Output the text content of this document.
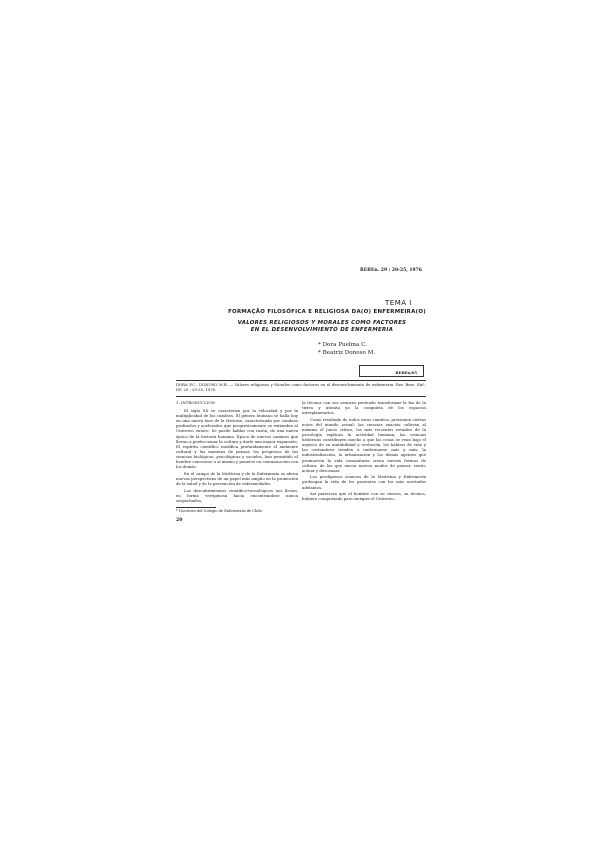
REBEn. 29 : 20-25, 1976
TEMA I
FORMAÇÃO FILOSÓFICA E RELIGIOSA DA(O) ENFERMEIRA(O)
VALORES RELIGIOSOS Y MORALES COMO FACTORES
EN EL DESENVOLVIMIENTO DE ENFERMERIA
* Dora Puelma C.
* Beatriz Donoso M.
REBEn/05
DORA P.C., DONOSO M.B. — Valores religiosos y Morales como factores en el desenvolvimento de enfermeria. Rev. Bras. Enf.; DF, 29 : 20-25, 1976.

1. INTRODUCCION

El siglo XX se caracteriza por la velocidad y por la multiplicidad de los cambios. El género humano se halla hoy en una nueva fase de la Historia, caracterizada por cambios profundos y acelerados que progresivamente se extienden al Universo entero. Se puede hablar con razón, de una nueva época de la historia humana. Epoca de nuevos caminos que llevan a perfeccionar la cultura y darle una mayor expansión. El espíritu científico modifica profundamente el ambiente cultural y las maneras de pensar, los progresos de las ciencias biológicas, psicológicas y sociales, han permitido al hombre conocerse a sí mismo y ponerse en comunicación con los demás.

En el campo de la Medicina y de la Enfermería se abren nuevas perspectivas de un papel más amplio en la promoción de la salud y de la prevención de enfermedades.

Los descubrimientos científico-tecnológicos nos llevan, en forma vertiginosa hacia encontrándose nunca sospechados,

la técnica con sus avances pretende transformar la faz de la tierra y intenta ya la conquista de los espacios interplanetarios.

Como resultado de todos estos cambios, provienen ciertas notas del mundo actual: las ciencias exactas cultivan al máximo el juicio crítico; los más recientes estudios de la psicología explican la actividad humana; las ciencias históricas contribuyen mucho a que las cosas se vean bajo el aspecto de su mutabilidad y evolución, los hábitos de vida y las costumbres tienden a uniformarse más y más; la industrialización, la urbanización y los demás agentes que promueven la vida comunitaria crean nuevas formas de cultura, de las que nacen nuevos modos de pensar, sentir, actuar y descansar.

Los prodigiosos avances de la Medicina y Enfermería prolongan la vida de los pacientes con los más acertados adelantos.

Así pareciera que el hombre con su ciencia, su técnica, hubiera conquistado para siempre el Universo...

* Docentes del Colegio de Enfermeras de Chile.
20
